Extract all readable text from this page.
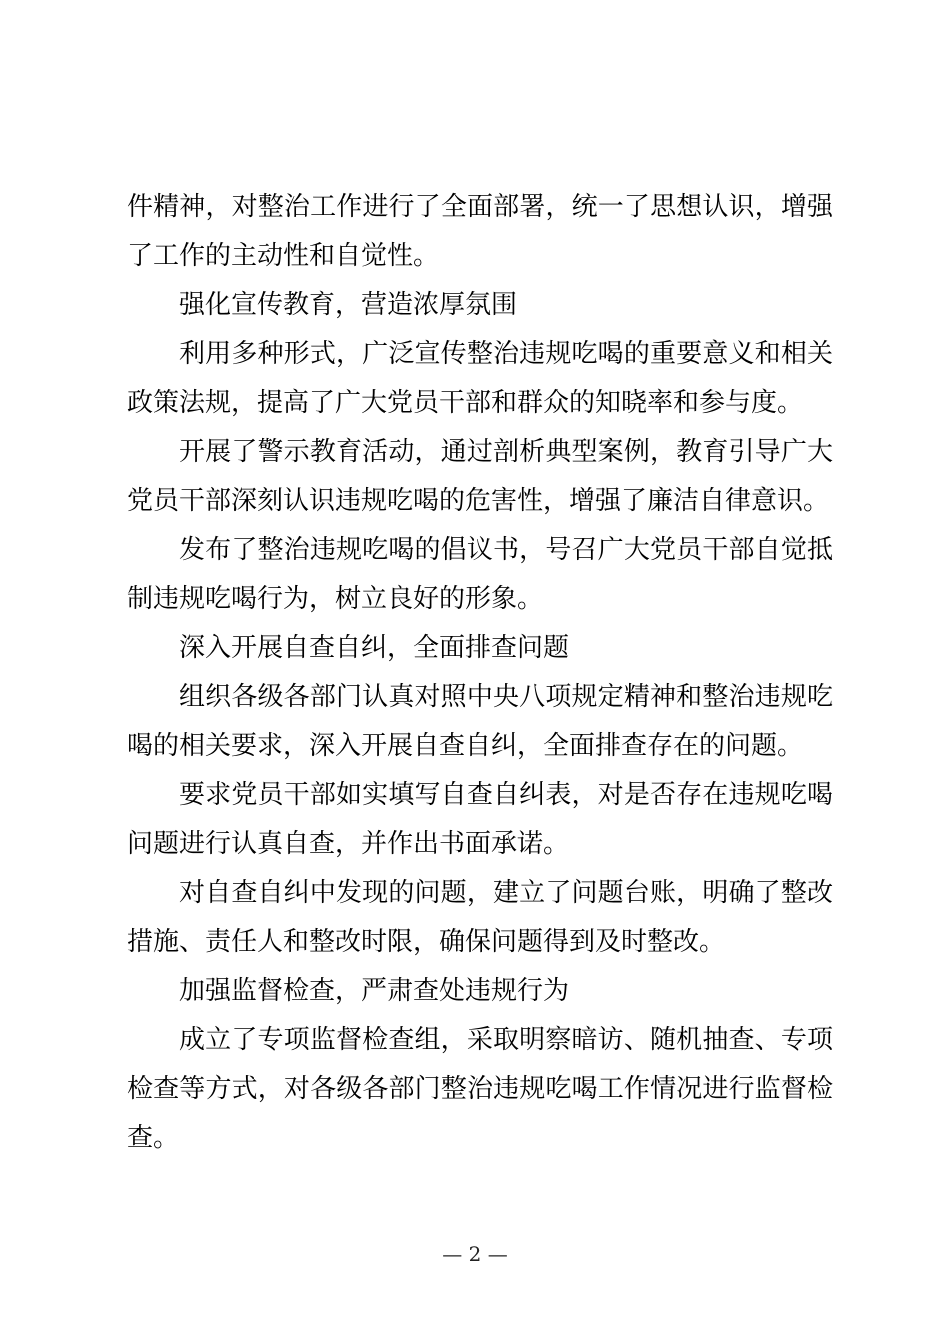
件精神，对整治工作进行了全面部署，统一了思想认识，增强了工作的主动性和自觉性。

强化宣传教育，营造浓厚氛围

利用多种形式，广泛宣传整治违规吃喝的重要意义和相关政策法规，提高了广大党员干部和群众的知晓率和参与度。

开展了警示教育活动，通过剖析典型案例，教育引导广大党员干部深刻认识违规吃喝的危害性，增强了廉洁自律意识。

发布了整治违规吃喝的倡议书，号召广大党员干部自觉抵制违规吃喝行为，树立良好的形象。

深入开展自查自纠，全面排查问题

组织各级各部门认真对照中央八项规定精神和整治违规吃喝的相关要求，深入开展自查自纠，全面排查存在的问题。

要求党员干部如实填写自查自纠表，对是否存在违规吃喝问题进行认真自查，并作出书面承诺。

对自查自纠中发现的问题，建立了问题台账，明确了整改措施、责任人和整改时限，确保问题得到及时整改。

加强监督检查，严肃查处违规行为

成立了专项监督检查组，采取明察暗访、随机抽查、专项检查等方式，对各级各部门整治违规吃喝工作情况进行监督检查。

— 2 —
